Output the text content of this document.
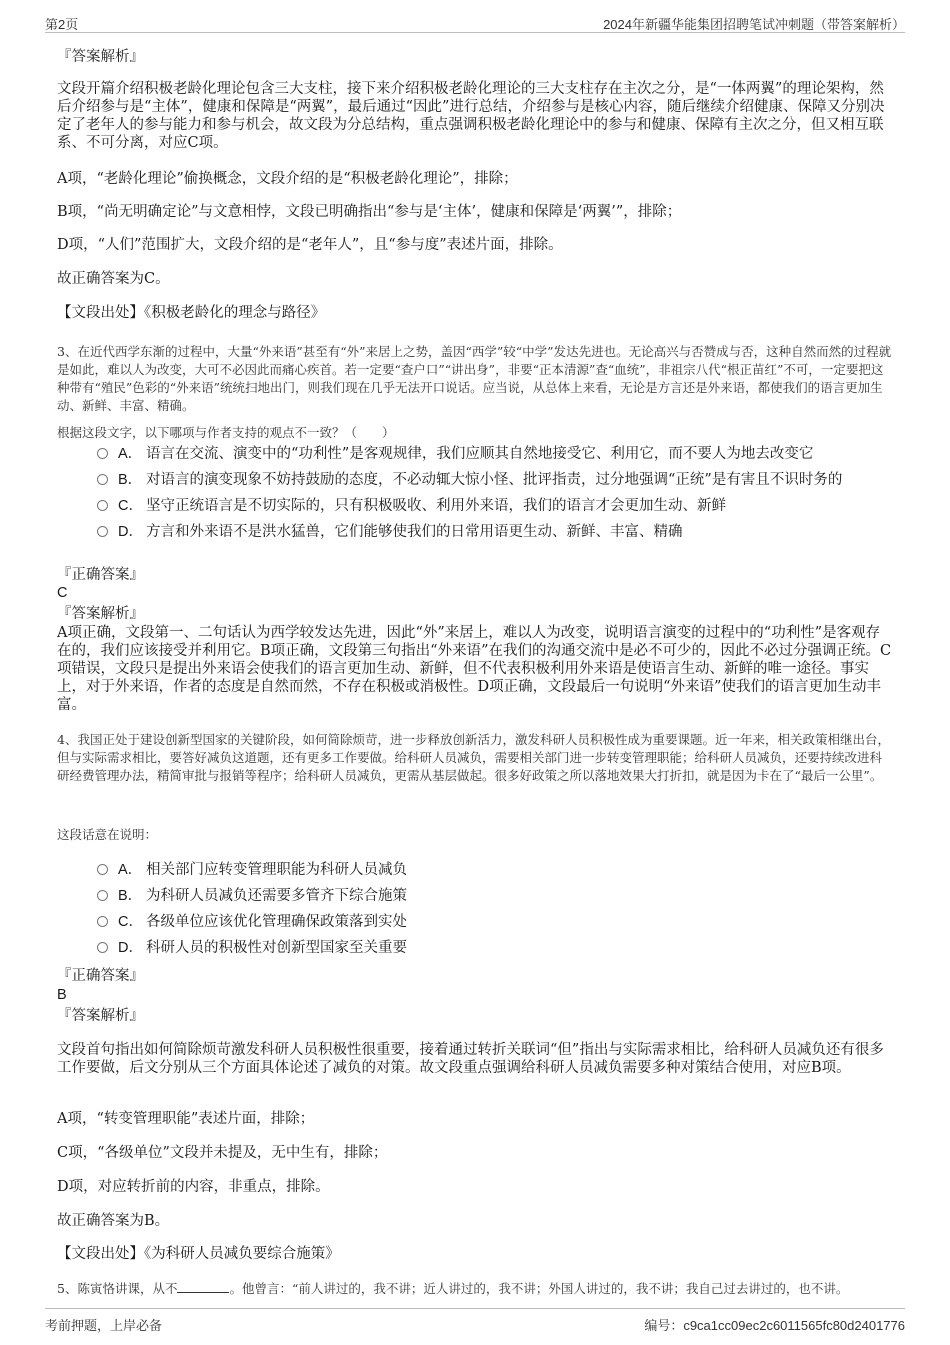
第2页	2024年新疆华能集团招聘笔试冲刺题（带答案解析）

『答案解析』

文段开篇介绍积极老龄化理论包含三大支柱，接下来介绍积极老龄化理论的三大支柱存在主次之分，是“一体两翼”的理论架构，然后介绍参与是“主体”，健康和保障是“两翼”，最后通过“因此”进行总结，介绍参与是核心内容，随后继续介绍健康、保障又分别决定了老年人的参与能力和参与机会，故文段为分总结构，重点强调积极老龄化理论中的参与和健康、保障有主次之分，但又相互联系、不可分离，对应C项。

A项，“老龄化理论”偷换概念，文段介绍的是“积极老龄化理论”，排除；

B项，“尚无明确定论”与文意相悖，文段已明确指出“参与是‘主体’，健康和保障是‘两翼’”，排除；

D项，“人们”范围扩大，文段介绍的是“老年人”，且“参与度”表述片面，排除。

故正确答案为C。

【文段出处】《积极老龄化的理念与路径》

3、在近代西学东渐的过程中，大量“外来语”甚至有“外”来居上之势，盖因“西学”较“中学”发达先进也。无论高兴与否赞成与否，这种自然而然的过程就是如此，难以人为改变，大可不必因此而痛心疾首。若一定要“查户口”“讲出身”，非要“正本清源”查“血统”，非祖宗八代“根正苗红”不可，一定要把这种带有“殖民”色彩的“外来语”统统扫地出门，则我们现在几乎无法开口说话。应当说，从总体上来看，无论是方言还是外来语，都使我们的语言更加生动、新鲜、丰富、精确。

根据这段文字，以下哪项与作者支持的观点不一致？（　　）

A． 语言在交流、演变中的“功利性”是客观规律，我们应顺其自然地接受它、利用它，而不要人为地去改变它
B． 对语言的演变现象不妨持鼓励的态度，不必动辄大惊小怪、批评指责，过分地强调“正统”是有害且不识时务的
C． 坚守正统语言是不切实际的，只有积极吸收、利用外来语，我们的语言才会更加生动、新鲜
D． 方言和外来语不是洪水猛兽，它们能够使我们的日常用语更生动、新鲜、丰富、精确

『正确答案』

C

『答案解析』

A项正确，文段第一、二句话认为西学较发达先进，因此“外”来居上，难以人为改变，说明语言演变的过程中的“功利性”是客观存在的，我们应该接受并利用它。B项正确，文段第三句指出“外来语”在我们的沟通交流中是必不可少的，因此不必过分强调正统。C项错误，文段只是提出外来语会使我们的语言更加生动、新鲜，但不代表积极利用外来语是使语言生动、新鲜的唯一途径。事实上，对于外来语，作者的态度是自然而然，不存在积极或消极性。D项正确，文段最后一句说明“外来语”使我们的语言更加生动丰富。

4、我国正处于建设创新型国家的关键阶段，如何简除烦苛，进一步释放创新活力，激发科研人员积极性成为重要课题。近一年来，相关政策相继出台，但与实际需求相比，要答好减负这道题，还有更多工作要做。给科研人员减负，需要相关部门进一步转变管理职能；给科研人员减负，还要持续改进科研经费管理办法，精简审批与报销等程序；给科研人员减负，更需从基层做起。很多好政策之所以落地效果大打折扣，就是因为卡在了“最后一公里”。

这段话意在说明：

A． 相关部门应转变管理职能为科研人员减负
B． 为科研人员减负还需要多管齐下综合施策
C． 各级单位应该优化管理确保政策落到实处
D． 科研人员的积极性对创新型国家至关重要

『正确答案』

B

『答案解析』

文段首句指出如何简除烦苛激发科研人员积极性很重要，接着通过转折关联词“但”指出与实际需求相比，给科研人员减负还有很多工作要做，后文分别从三个方面具体论述了减负的对策。故文段重点强调给科研人员减负需要多种对策结合使用，对应B项。

A项，“转变管理职能”表述片面，排除；

C项，“各级单位”文段并未提及，无中生有，排除；

D项，对应转折前的内容，非重点，排除。

故正确答案为B。

【文段出处】《为科研人员减负要综合施策》

5、陈寅恪讲课，从不	。他曾言：“前人讲过的，我不讲；近人讲过的，我不讲；外国人讲过的，我不讲；我自己过去讲过的，也不讲。

考前押题，上岸必备	编号：c9ca1cc09ec2c6011565fc80d2401776
